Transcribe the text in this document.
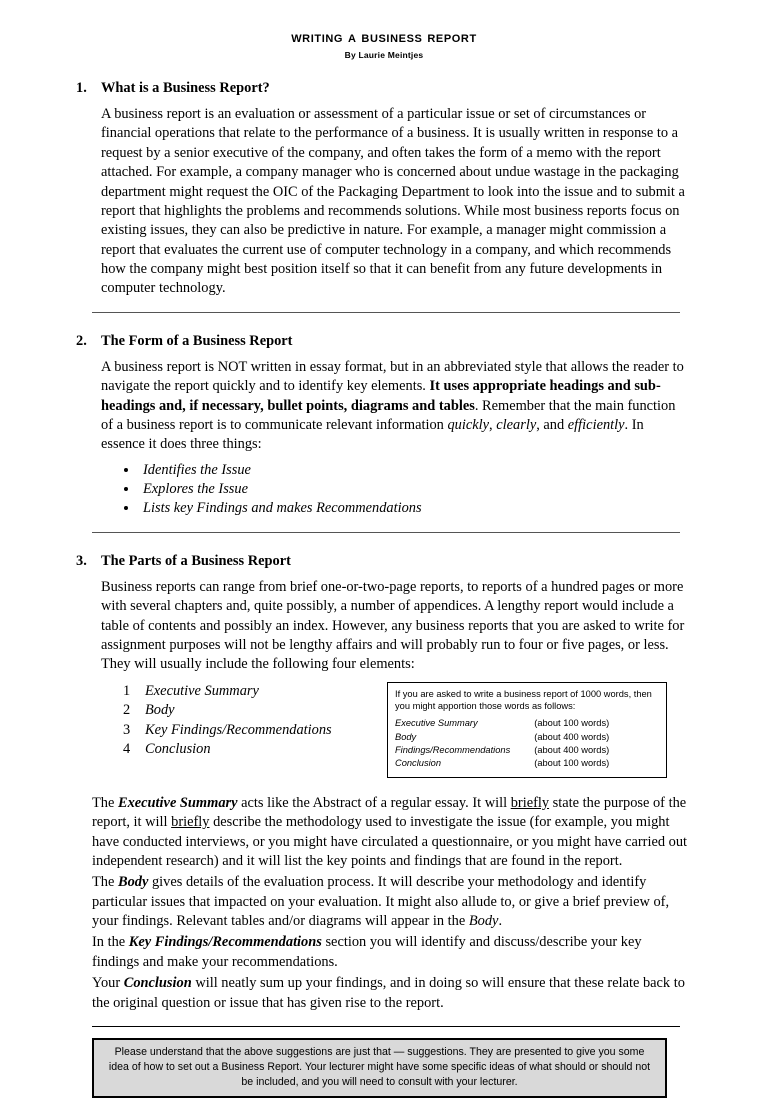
writing a business report
By Laurie Meintjes
1. What is a Business Report?

A business report is an evaluation or assessment of a particular issue or set of circumstances or financial operations that relate to the performance of a business. It is usually written in response to a request by a senior executive of the company, and often takes the form of a memo with the report attached. For example, a company manager who is concerned about undue wastage in the packaging department might request the OIC of the Packaging Department to look into the issue and to submit a report that highlights the problems and recommends solutions. While most business reports focus on existing issues, they can also be predictive in nature. For example, a manager might commission a report that evaluates the current use of computer technology in a company, and which recommends how the company might best position itself so that it can benefit from any future developments in computer technology.

2. The Form of a Business Report

A business report is NOT written in essay format, but in an abbreviated style that allows the reader to navigate the report quickly and to identify key elements. It uses appropriate headings and sub-headings and, if necessary, bullet points, diagrams and tables. Remember that the main function of a business report is to communicate relevant information quickly, clearly, and efficiently. In essence it does three things:

• Identifies the Issue
• Explores the Issue
• Lists key Findings and makes Recommendations
3. The Parts of a Business Report

Business reports can range from brief one-or-two-page reports, to reports of a hundred pages or more with several chapters and, quite possibly, a number of appendices. A lengthy report would include a table of contents and possibly an index. However, any business reports that you are asked to write for assignment purposes will not be lengthy affairs and will probably run to four or five pages, or less. They will usually include the following four elements:

1	Executive Summary
2	Body
3	Key Findings/Recommendations
4	Conclusion

If you are asked to write a business report of 1000 words, then you might apportion those words as follows:

Executive Summary	(about 100 words)
Body	(about 400 words)
Findings/Recommendations	(about 400 words)
Conclusion	(about 100 words)

The Executive Summary acts like the Abstract of a regular essay. It will briefly state the purpose of the report, it will briefly describe the methodology used to investigate the issue (for example, you might have conducted interviews, or you might have circulated a questionnaire, or you might have carried out independent research) and it will list the key points and findings that are found in the report.

The Body gives details of the evaluation process. It will describe your methodology and identify particular issues that impacted on your evaluation. It might also allude to, or give a brief preview of, your findings. Relevant tables and/or diagrams will appear in the Body.

In the Key Findings/Recommendations section you will identify and discuss/describe your key findings and make your recommendations.

Your Conclusion will neatly sum up your findings, and in doing so will ensure that these relate back to the original question or issue that has given rise to the report.

Please understand that the above suggestions are just that — suggestions. They are presented to give you some idea of how to set out a Business Report. Your lecturer might have some specific ideas of what should or should not be included, and you will need to consult with your lecturer.
